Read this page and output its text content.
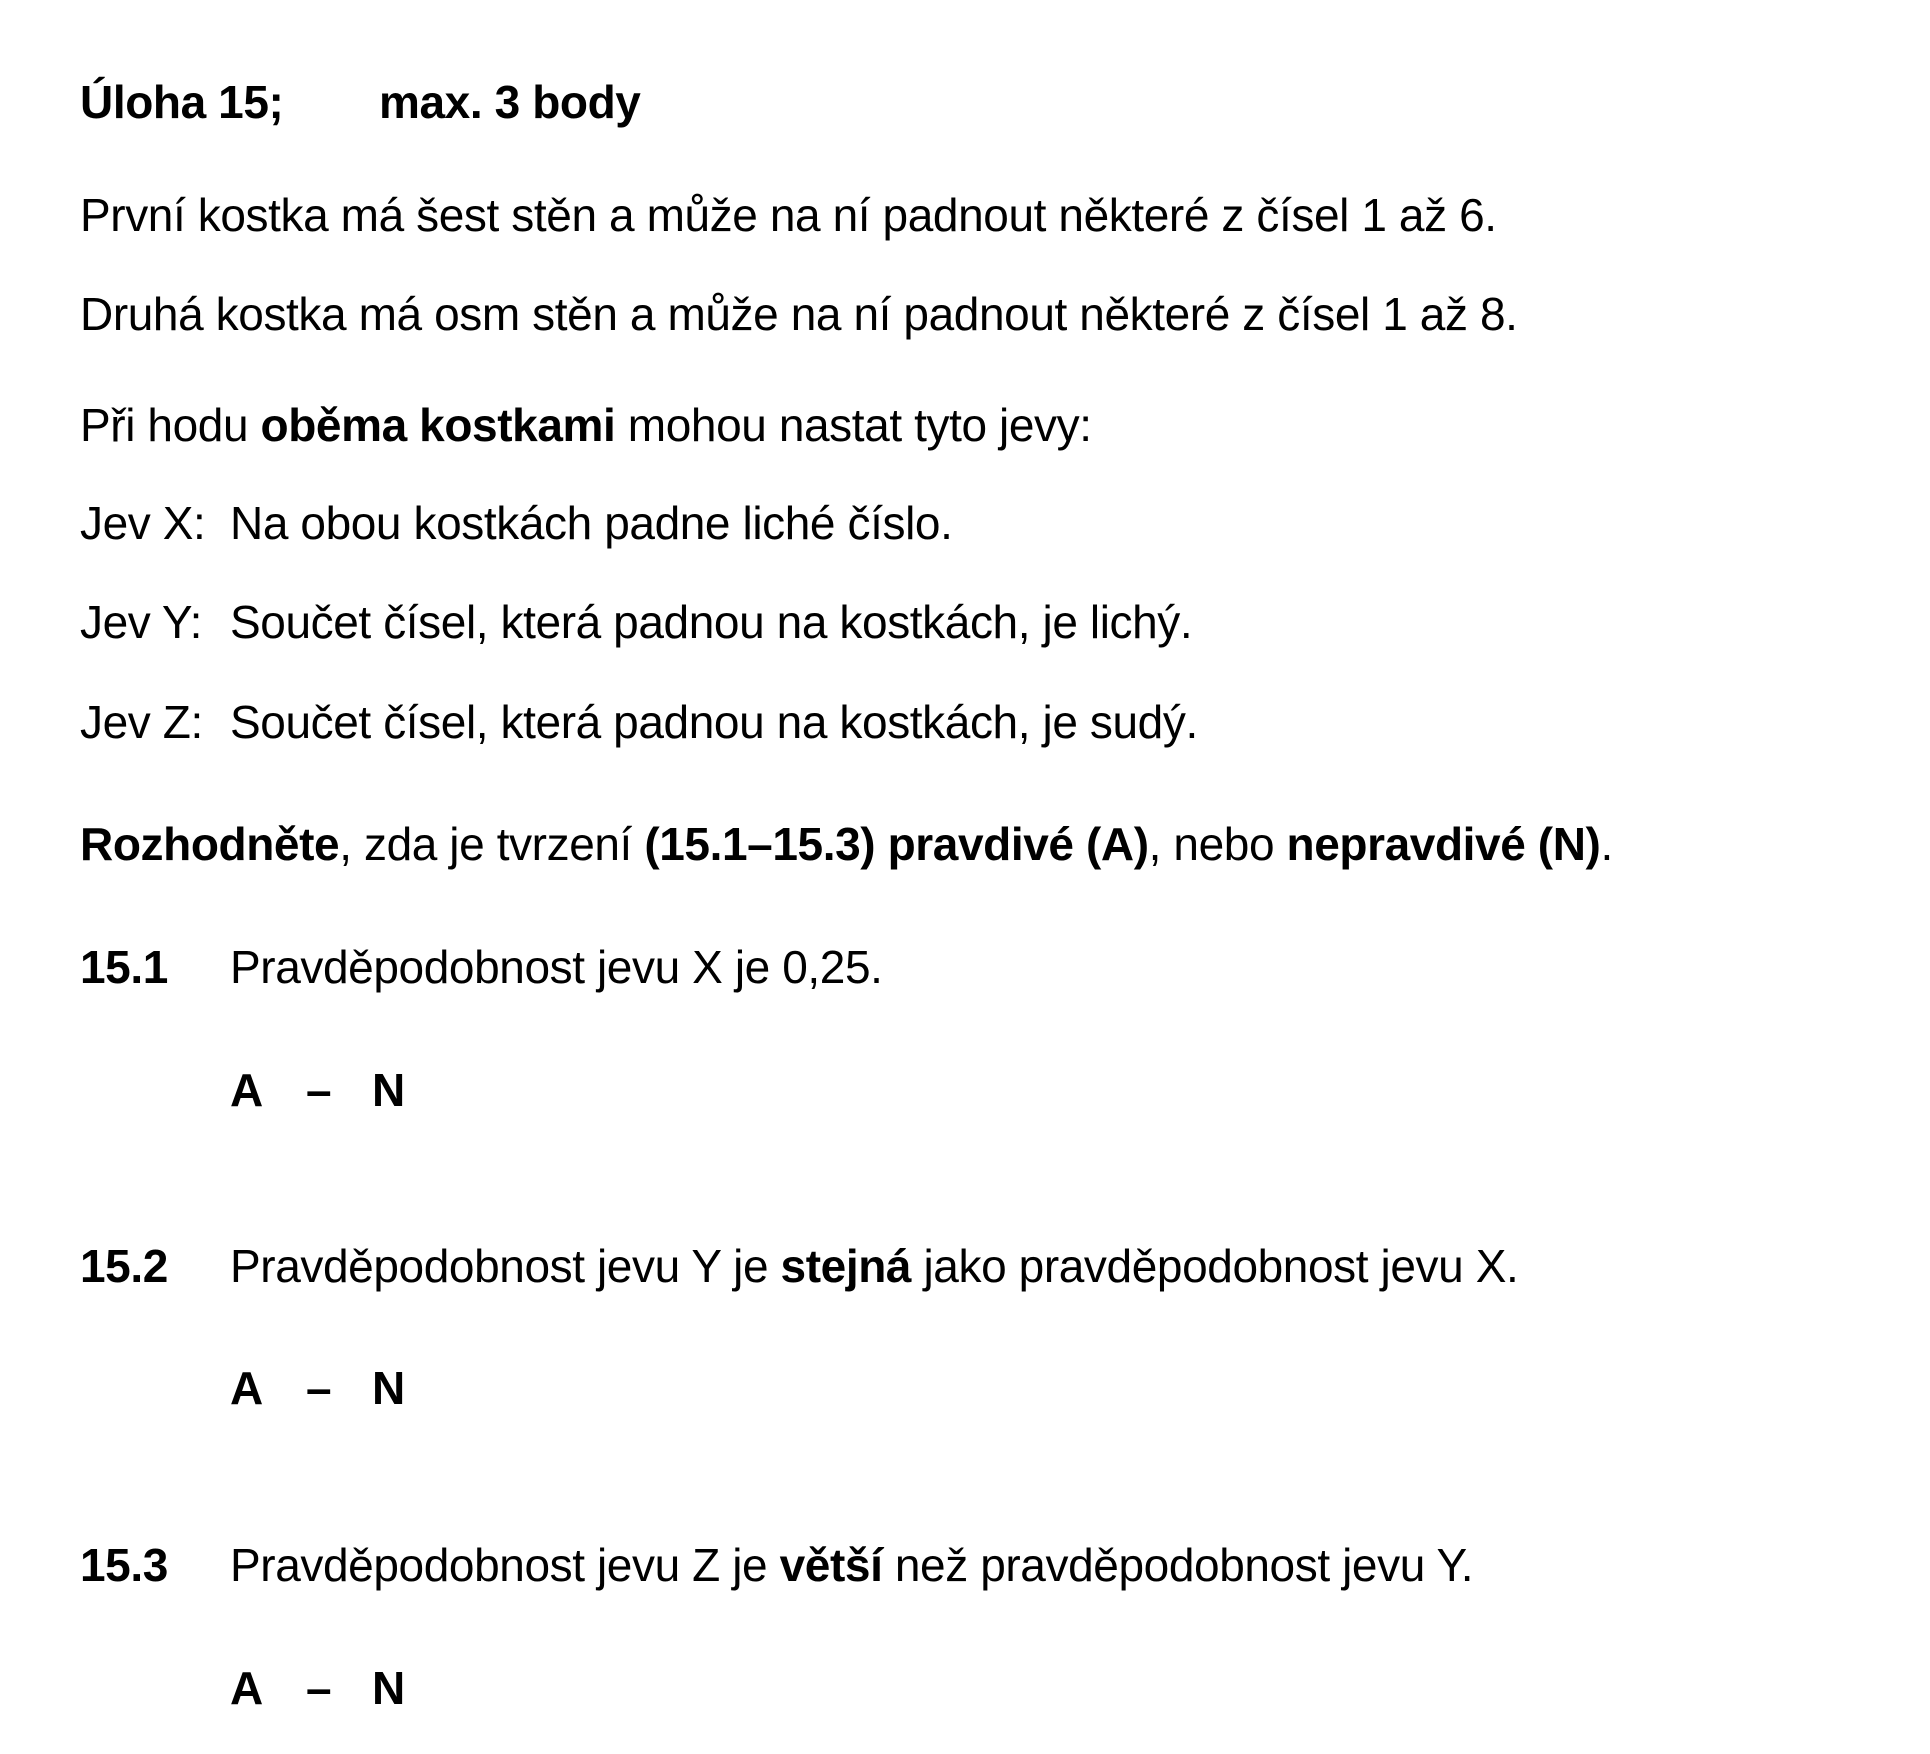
Úloha 15; max. 3 body
První kostka má šest stěn a může na ní padnout některé z čísel 1 až 6.
Druhá kostka má osm stěn a může na ní padnout některé z čísel 1 až 8.
Při hodu oběma kostkami mohou nastat tyto jevy:
Jev X: Na obou kostkách padne liché číslo.
Jev Y: Součet čísel, která padnou na kostkách, je lichý.
Jev Z: Součet čísel, která padnou na kostkách, je sudý.
Rozhodněte, zda je tvrzení (15.1–15.3) pravdivé (A), nebo nepravdivé (N).
15.1 Pravděpodobnost jevu X je 0,25.
A – N
15.2 Pravděpodobnost jevu Y je stejná jako pravděpodobnost jevu X.
A – N
15.3 Pravděpodobnost jevu Z je větší než pravděpodobnost jevu Y.
A – N
